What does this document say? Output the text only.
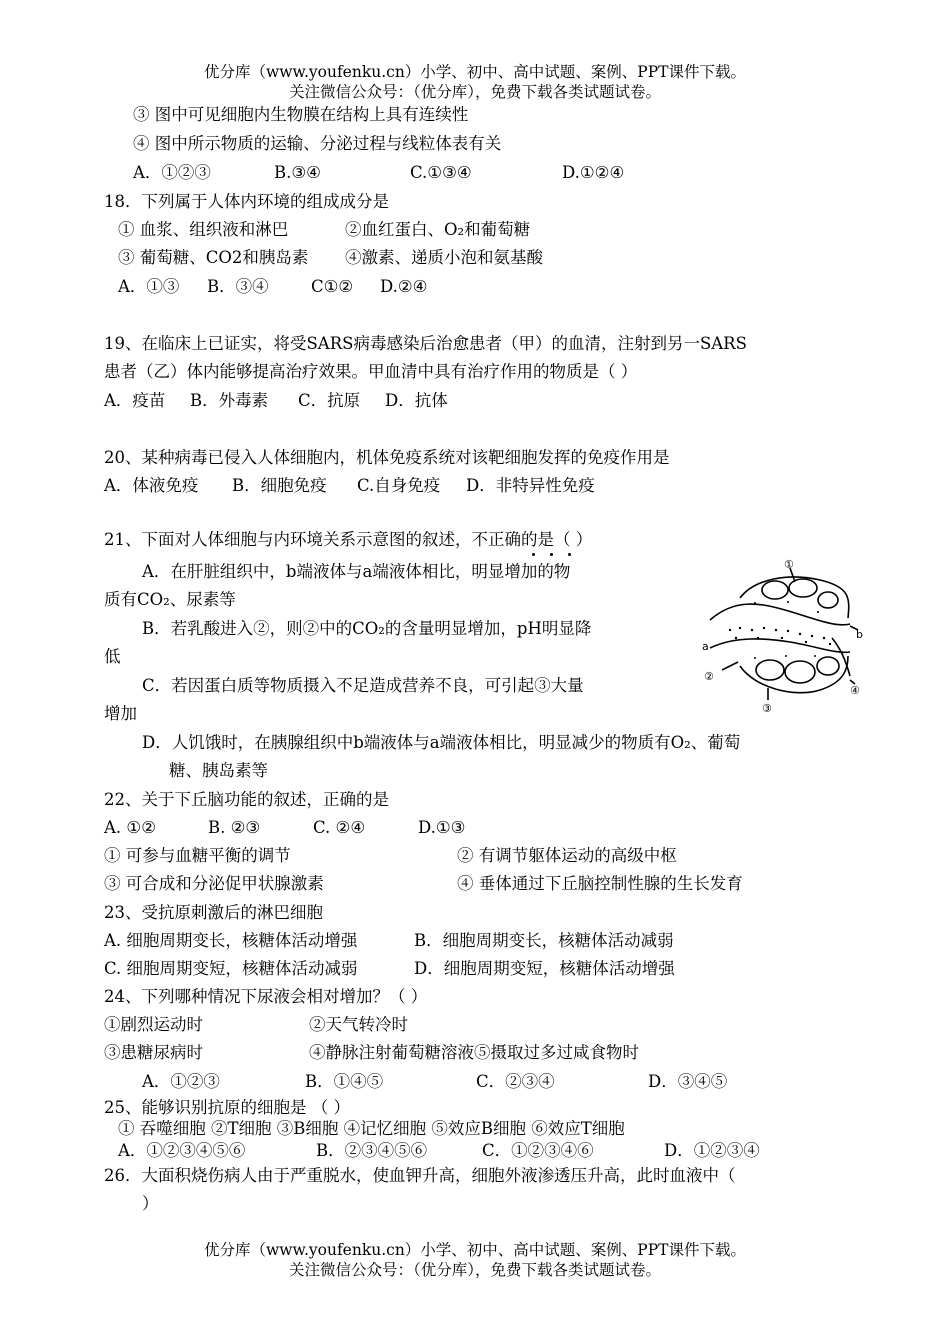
优分库（www.youfenku.cn）小学、初中、高中试题、案例、PPT课件下载。
关注微信公众号：（优分库），免费下载各类试题试卷。
③ 图中可见细胞内生物膜在结构上具有连续性
④ 图中所示物质的运输、分泌过程与线粒体表有关
A．①②③	B.③④	C.①③④	D.①②④
18．下列属于人体内环境的组成成分是
① 血浆、组织液和淋巴	②血红蛋白、O₂和葡萄糖
③ 葡萄糖、CO2和胰岛素 ④激素、递质小泡和氨基酸
A．①③ B．③④	C①② D.②④
19、在临床上已证实，将受SARS病毒感染后治愈患者（甲）的血清，注射到另一SARS
患者（乙）体内能够提高治疗效果。甲血清中具有治疗作用的物质是（ ）
A．疫苗 B．外毒素 C．抗原 D．抗体
20、某种病毒已侵入人体细胞内，机体免疫系统对该靶细胞发挥的免疫作用是
A．体液免疫 B．细胞免疫 C.自身免疫 D．非特异性免疫
21、下面对人体细胞与内环境关系示意图的叙述，不正确的是（ ）
A．在肝脏组织中，b端液体与a端液体相比，明显增加的物
质有CO₂、尿素等
B．若乳酸进入②，则②中的CO₂的含量明显增加，pH明显降
低
C．若因蛋白质等物质摄入不足造成营养不良，可引起③大量
增加
D．人饥饿时，在胰腺组织中b端液体与a端液体相比，明显减少的物质有O₂、葡萄
糖、胰岛素等
①
②
③
④
a
b
22、关于下丘脑功能的叙述，正确的是
A. ①②	B. ②③	C. ②④	D.①③
① 可参与血糖平衡的调节	② 有调节躯体运动的高级中枢
③ 可合成和分泌促甲状腺激素	④ 垂体通过下丘脑控制性腺的生长发育
23、受抗原刺激后的淋巴细胞
A. 细胞周期变长，核糖体活动增强	B．细胞周期变长，核糖体活动减弱
C. 细胞周期变短，核糖体活动减弱	D．细胞周期变短，核糖体活动增强
24、下列哪种情况下尿液会相对增加？（ ）
①剧烈运动时	②天气转冷时
③患糖尿病时	④静脉注射葡萄糖溶液⑤摄取过多过咸食物时
A．①②③	B．①④⑤	C．②③④	D．③④⑤
25、能够识别抗原的细胞是 （ ）
① 吞噬细胞 ②T细胞 ③B细胞 ④记忆细胞 ⑤效应B细胞 ⑥效应T细胞
A．①②③④⑤⑥	B．②③④⑤⑥	C．①②③④⑥	D．①②③④
26．大面积烧伤病人由于严重脱水，使血钾升高，细胞外液渗透压升高，此时血液中（
）
优分库（www.youfenku.cn）小学、初中、高中试题、案例、PPT课件下载。
关注微信公众号：（优分库），免费下载各类试题试卷。
